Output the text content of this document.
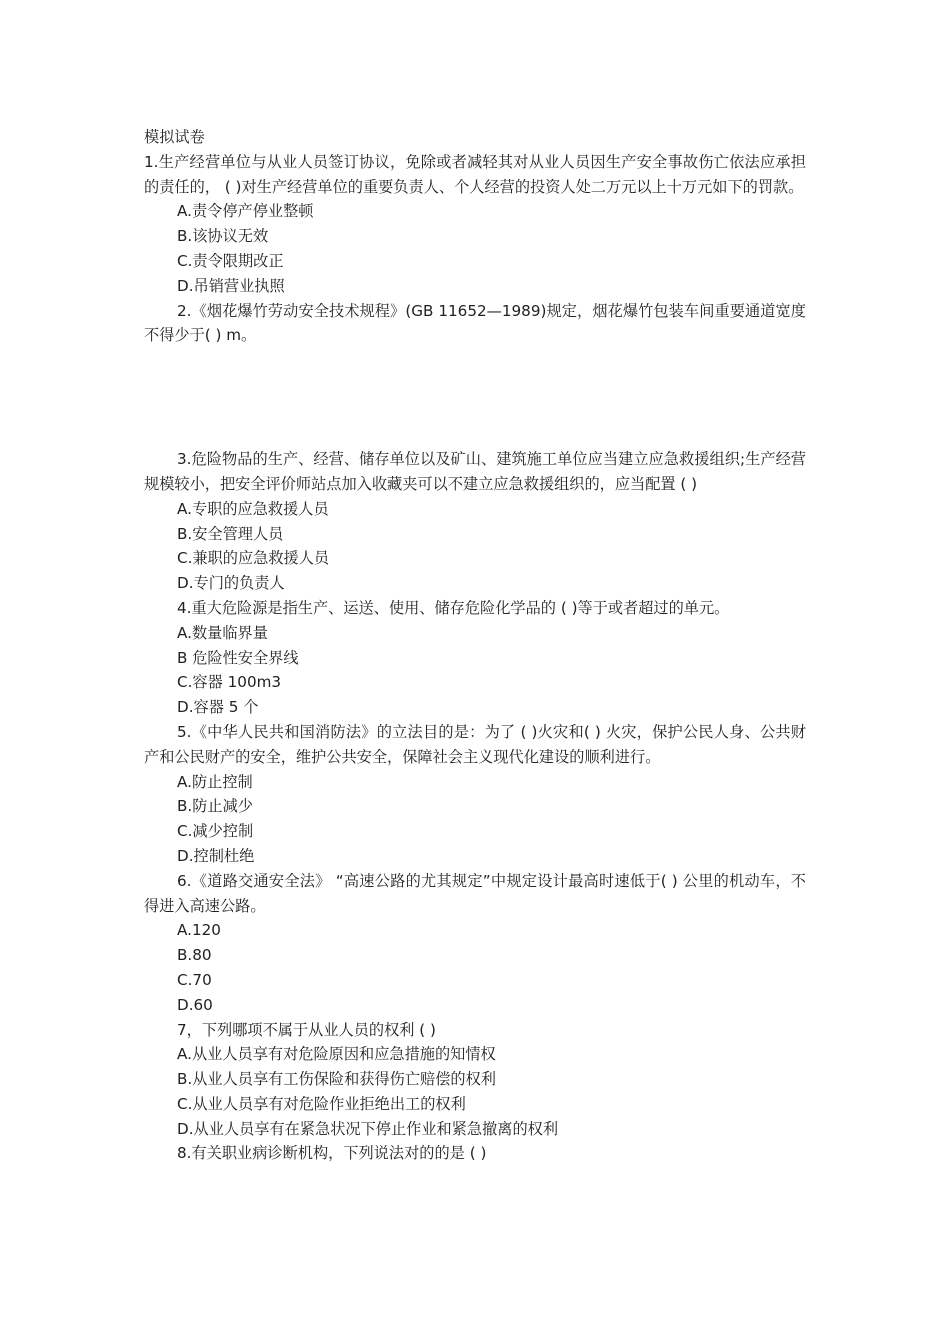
模拟试卷
1.生产经营单位与从业人员签订协议，免除或者减轻其对从业人员因生产安全事故伤亡依法应承担的责任的， ( )对生产经营单位的重要负责人、个人经营的投资人处二万元以上十万元如下的罚款。
A.责令停产停业整顿
B.该协议无效
C.责令限期改正
D.吊销营业执照
2.《烟花爆竹劳动安全技术规程》(GB 11652—1989)规定，烟花爆竹包装车间重要通道宽度不得少于( ) m。
3.危险物品的生产、经营、储存单位以及矿山、建筑施工单位应当建立应急救援组织;生产经营规模较小，把安全评价师站点加入收藏夹可以不建立应急救援组织的，应当配置 ( )
A.专职的应急救援人员
B.安全管理人员
C.兼职的应急救援人员
D.专门的负责人
4.重大危险源是指生产、运送、使用、储存危险化学品的 ( )等于或者超过的单元。
A.数量临界量
B 危险性安全界线
C.容器 100m3
D.容器 5 个
5.《中华人民共和国消防法》的立法目的是：为了 ( )火灾和( ) 火灾，保护公民人身、公共财产和公民财产的安全，维护公共安全，保障社会主义现代化建设的顺利进行。
A.防止控制
B.防止减少
C.减少控制
D.控制杜绝
6.《道路交通安全法》 “高速公路的尤其规定”中规定设计最高时速低于( ) 公里的机动车，不得进入高速公路。
A.120
B.80
C.70
D.60
7，下列哪项不属于从业人员的权利 ( )
A.从业人员享有对危险原因和应急措施的知情权
B.从业人员享有工伤保险和获得伤亡赔偿的权利
C.从业人员享有对危险作业拒绝出工的权利
D.从业人员享有在紧急状况下停止作业和紧急撤离的权利
8.有关职业病诊断机构，下列说法对的的是 ( )
